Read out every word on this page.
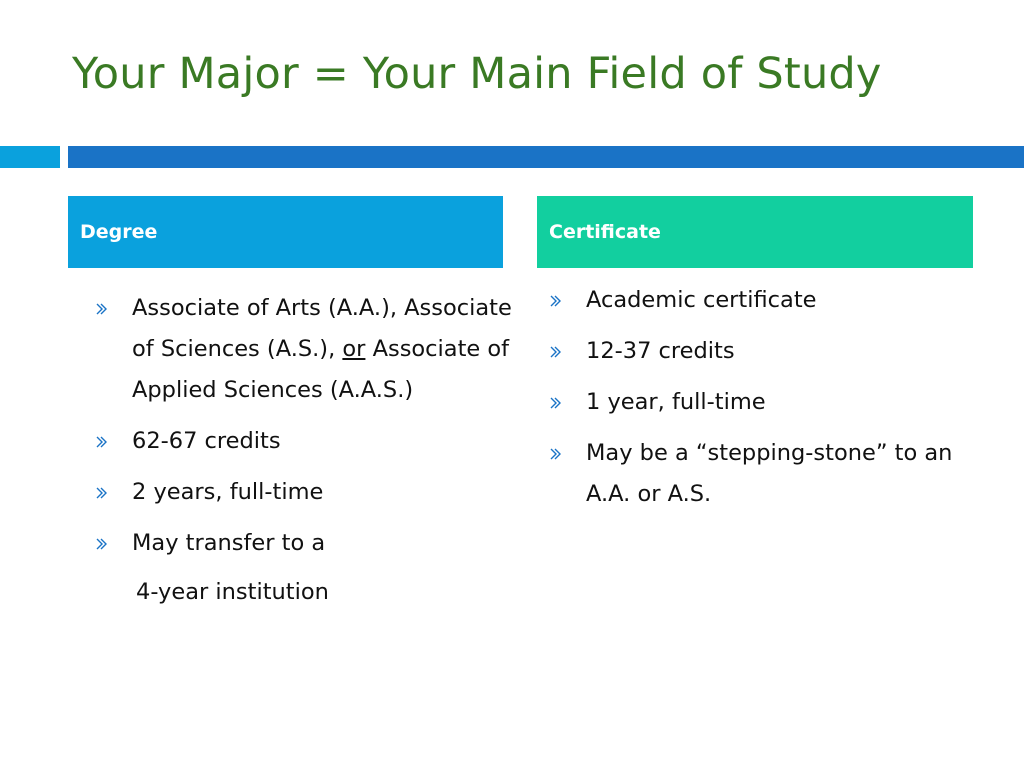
Your Major = Your Main Field of Study
Degree	Certificate
Associate of Arts (A.A.), Associate of Sciences (A.S.), or Associate of Applied Sciences (A.A.S.)
62-67 credits
2 years, full-time
May transfer to a
4-year institution
Academic certificate
12-37 credits
1 year, full-time
May be a “stepping-stone” to an A.A. or A.S.
